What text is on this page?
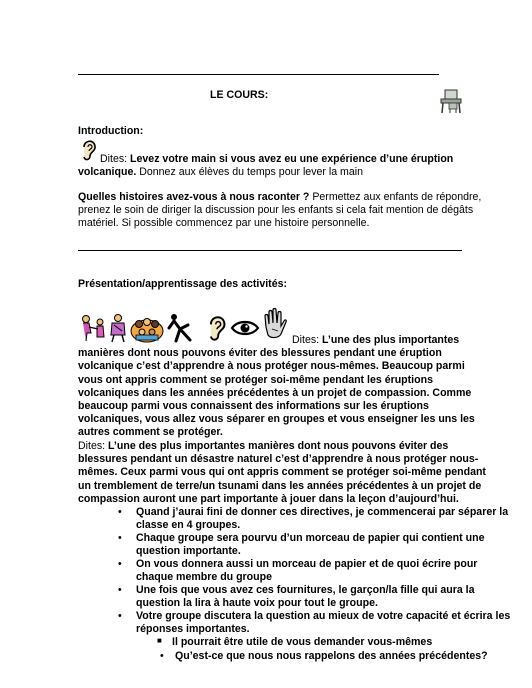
LE COURS:
Introduction:
Dites: Levez votre main si vous avez eu une expérience d’une éruption
volcanique. Donnez aux élèves du temps pour lever la main
Quelles histoires avez-vous à nous raconter ? Permettez aux enfants de répondre,
prenez le soin de diriger la discussion pour les enfants si cela fait mention de dégâts
matériel. Si possible commencez par une histoire personnelle.
Présentation/apprentissage des activités:
Dites: L’une des plus importantes
manières dont nous pouvons éviter des blessures pendant une éruption
volcanique c’est d’apprendre à nous protéger nous-mêmes. Beaucoup parmi
vous ont appris comment se protéger soi-même pendant les éruptions
volcaniques dans les années précédentes à un projet de compassion. Comme
beaucoup parmi vous connaissent des informations sur les éruptions
volcaniques, vous allez vous séparer en groupes et vous enseigner les uns les
autres comment se protéger.
Dites: L’une des plus importantes manières dont nous pouvons éviter des
blessures pendant un désastre naturel c’est d’apprendre à nous protéger nous-
mêmes. Ceux parmi vous qui ont appris comment se protéger soi-même pendant
un tremblement de terre/un tsunami dans les années précédentes à un projet de
compassion auront une part importante à jouer dans la leçon d’aujourd’hui.
• Quand j’aurai fini de donner ces directives, je commencerai par séparer la
classe en 4 groupes.
• Chaque groupe sera pourvu d’un morceau de papier qui contient une
question importante.
• On vous donnera aussi un morceau de papier et de quoi écrire pour
chaque membre du groupe
• Une fois que vous avez ces fournitures, le garçon/la fille qui aura la
question la lira à haute voix pour tout le groupe.
• Votre groupe discutera la question au mieux de votre capacité et écrira les
réponses importantes.
■ Il pourrait être utile de vous demander vous-mêmes
• Qu’est-ce que nous nous rappelons des années précédentes?
